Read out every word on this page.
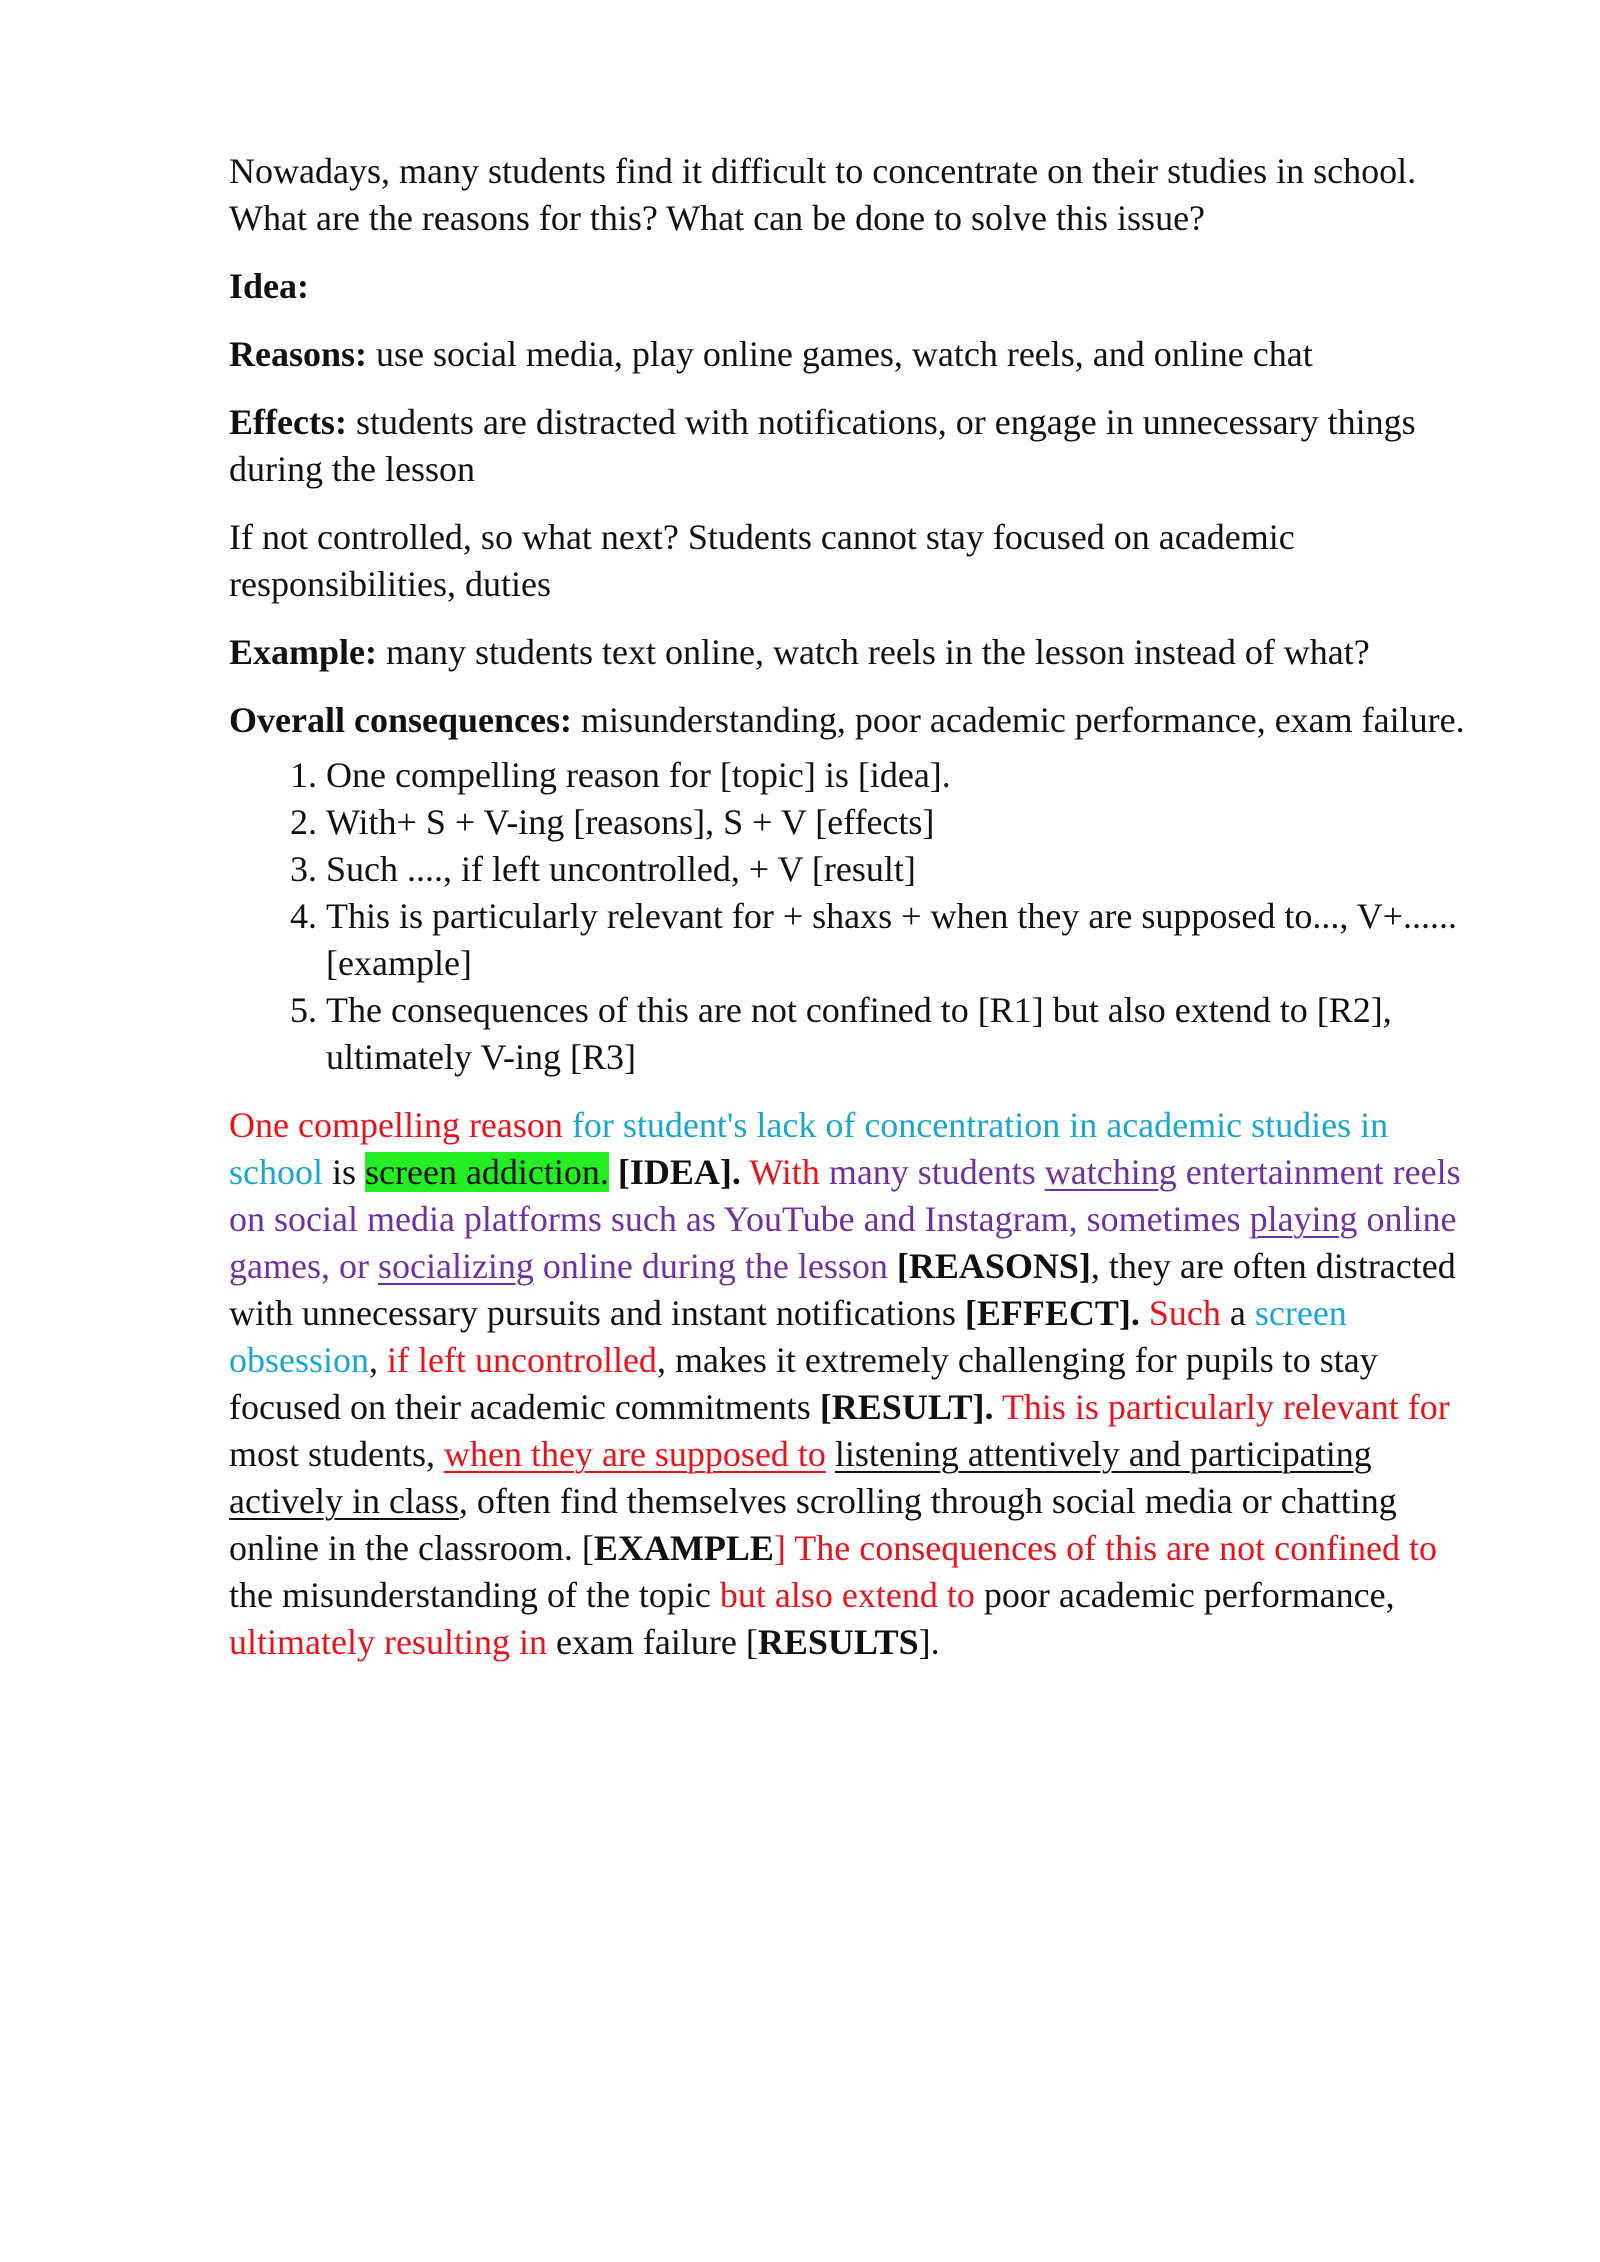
Nowadays, many students find it difficult to concentrate on their studies in school. What are the reasons for this? What can be done to solve this issue?

Idea:

Reasons: use social media, play online games, watch reels, and online chat

Effects: students are distracted with notifications, or engage in unnecessary things during the lesson

If not controlled, so what next? Students cannot stay focused on academic responsibilities, duties

Example: many students text online, watch reels in the lesson instead of what?

Overall consequences: misunderstanding, poor academic performance, exam failure.

1. One compelling reason for [topic] is [idea].
2. With+ S + V-ing [reasons], S + V [effects]
3. Such ...., if left uncontrolled, + V [result]
4. This is particularly relevant for + shaxs + when they are supposed to..., V+......[example]
5. The consequences of this are not confined to [R1] but also extend to [R2], ultimately V-ing [R3]

One compelling reason for student's lack of concentration in academic studies in school is screen addiction. [IDEA]. With many students watching entertainment reels on social media platforms such as YouTube and Instagram, sometimes playing online games, or socializing online during the lesson [REASONS], they are often distracted with unnecessary pursuits and instant notifications [EFFECT]. Such a screen obsession, if left uncontrolled, makes it extremely challenging for pupils to stay focused on their academic commitments [RESULT]. This is particularly relevant for most students, when they are supposed to listening attentively and participating actively in class, often find themselves scrolling through social media or chatting online in the classroom. [EXAMPLE] The consequences of this are not confined to the misunderstanding of the topic but also extend to poor academic performance, ultimately resulting in exam failure [RESULTS].
